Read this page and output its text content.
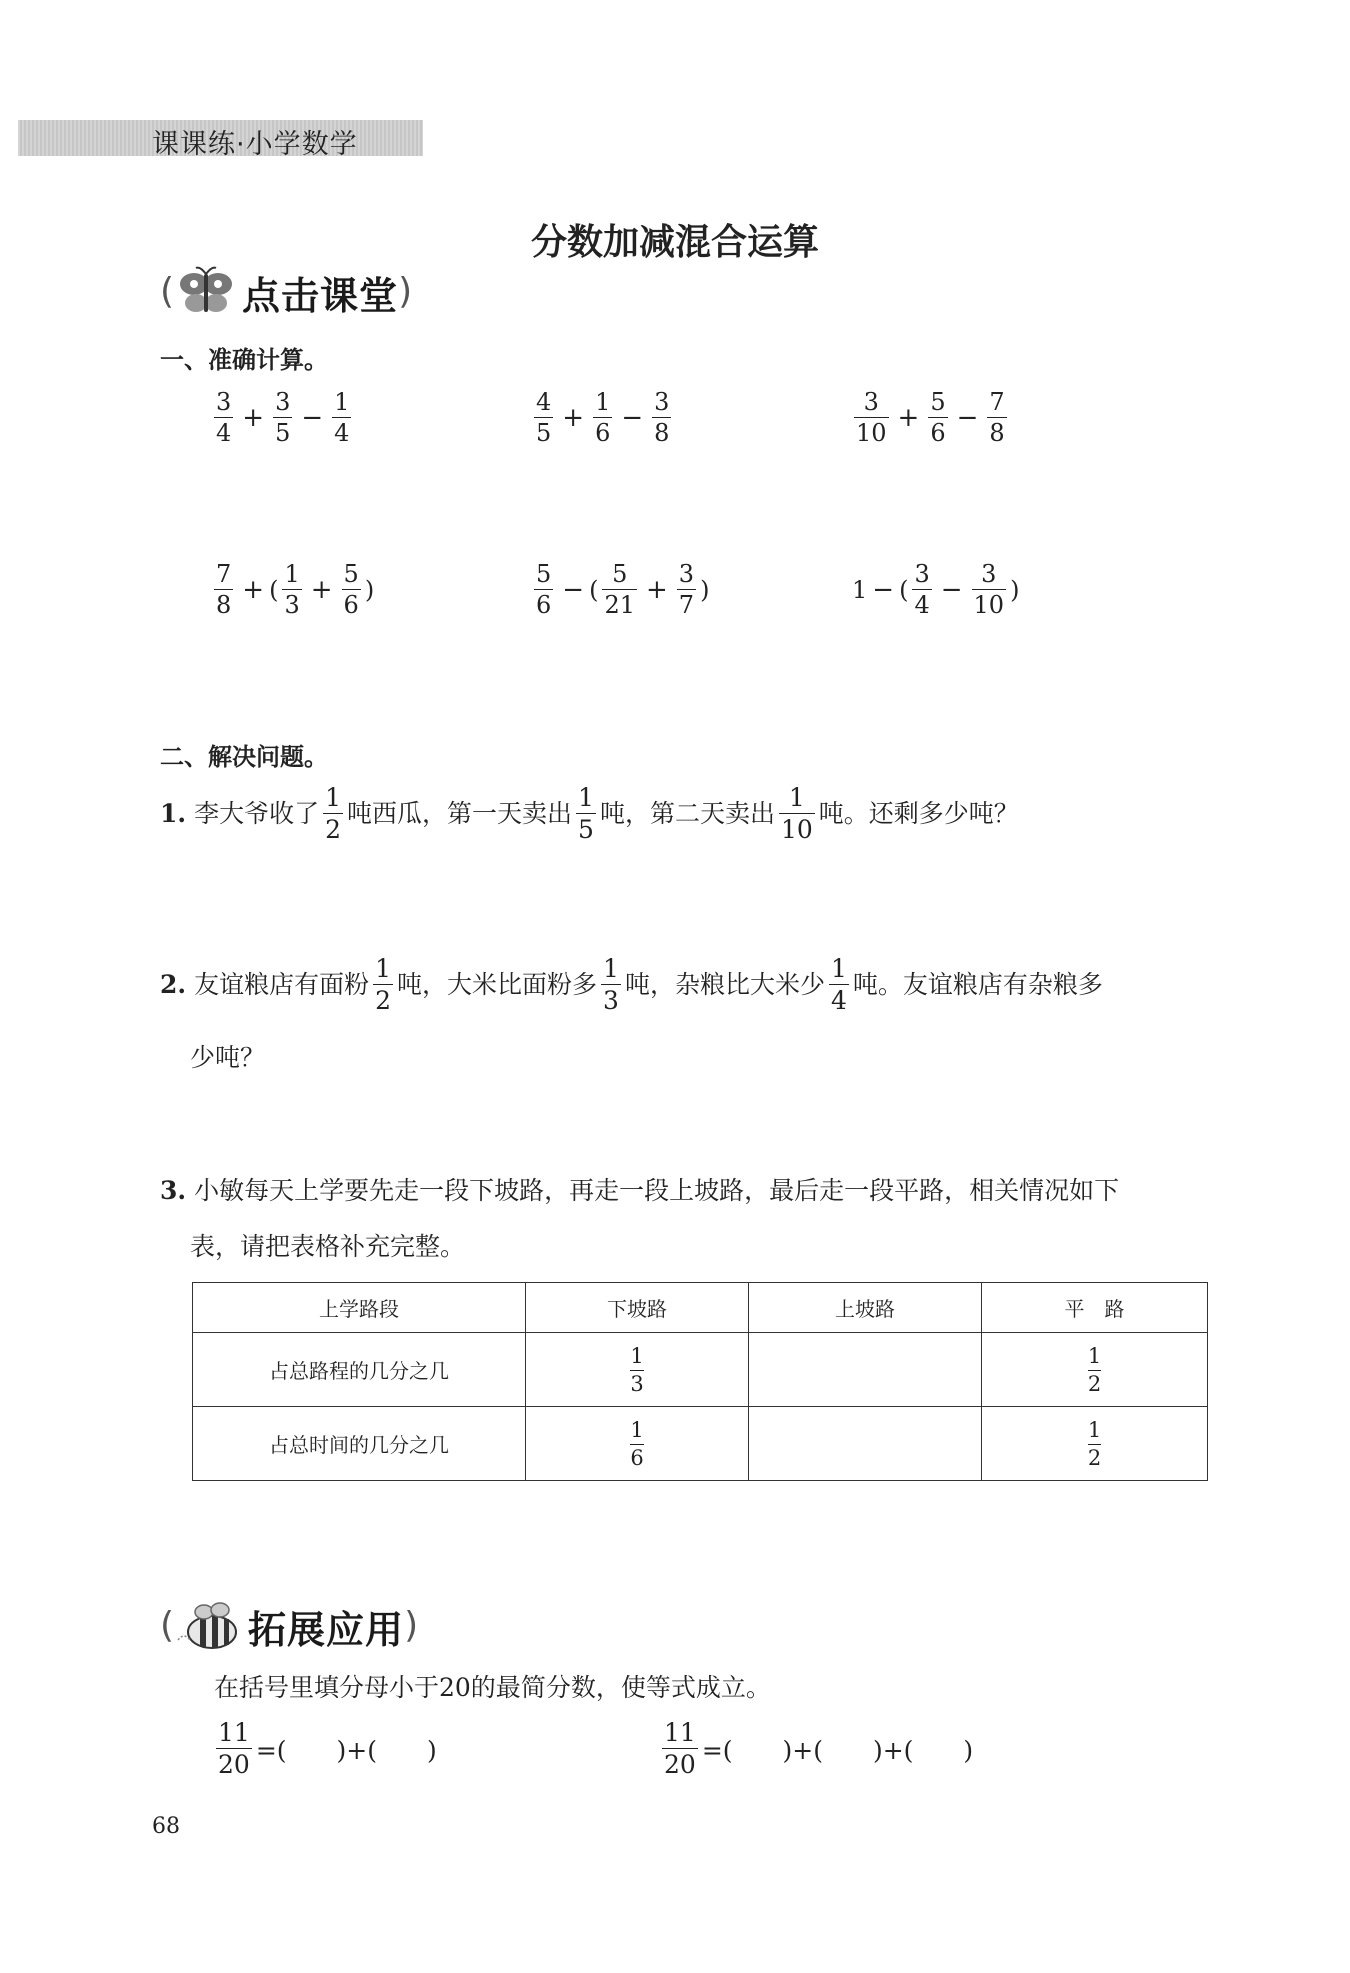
课课练·小学数学
分数加减混合运算
( 点击课堂 )
一、准确计算。
$\frac{3}{4} + \frac{3}{5} - \frac{1}{4}$	$\frac{4}{5} + \frac{1}{6} - \frac{3}{8}$	$\frac{3}{10} + \frac{5}{6} - \frac{7}{8}$
$\frac{7}{8}$ + ( $\frac{1}{3} + \frac{5}{6}$ )	$\frac{5}{6}$ − ( $\frac{5}{21} + \frac{3}{7}$ )	1 − ( $\frac{3}{4} - \frac{3}{10}$ )
二、解决问题。
1. 李大爷收了 $\frac{1}{2}$ 吨西瓜，第一天卖出 $\frac{1}{5}$ 吨，第二天卖出 $\frac{1}{10}$ 吨。还剩多少吨？
2. 友谊粮店有面粉 $\frac{1}{2}$ 吨，大米比面粉多 $\frac{1}{3}$ 吨，杂粮比大米少 $\frac{1}{4}$ 吨。友谊粮店有杂粮多
少吨？
3. 小敏每天上学要先走一段下坡路，再走一段上坡路，最后走一段平路，相关情况如下
表，请把表格补充完整。
上学路段	下坡路	上坡路	平　路
占总路程的几分之几	$\frac{1}{3}$		$\frac{1}{2}$

占总时间的几分之几	$\frac{1}{6}$		$\frac{1}{2}$
( 拓展应用 )
在括号里填分母小于20的最简分数，使等式成立。
$\frac{11}{20}$ =(　　)+(　　)	$\frac{11}{20}$ =(　　)+(　　)+(　　)
68
